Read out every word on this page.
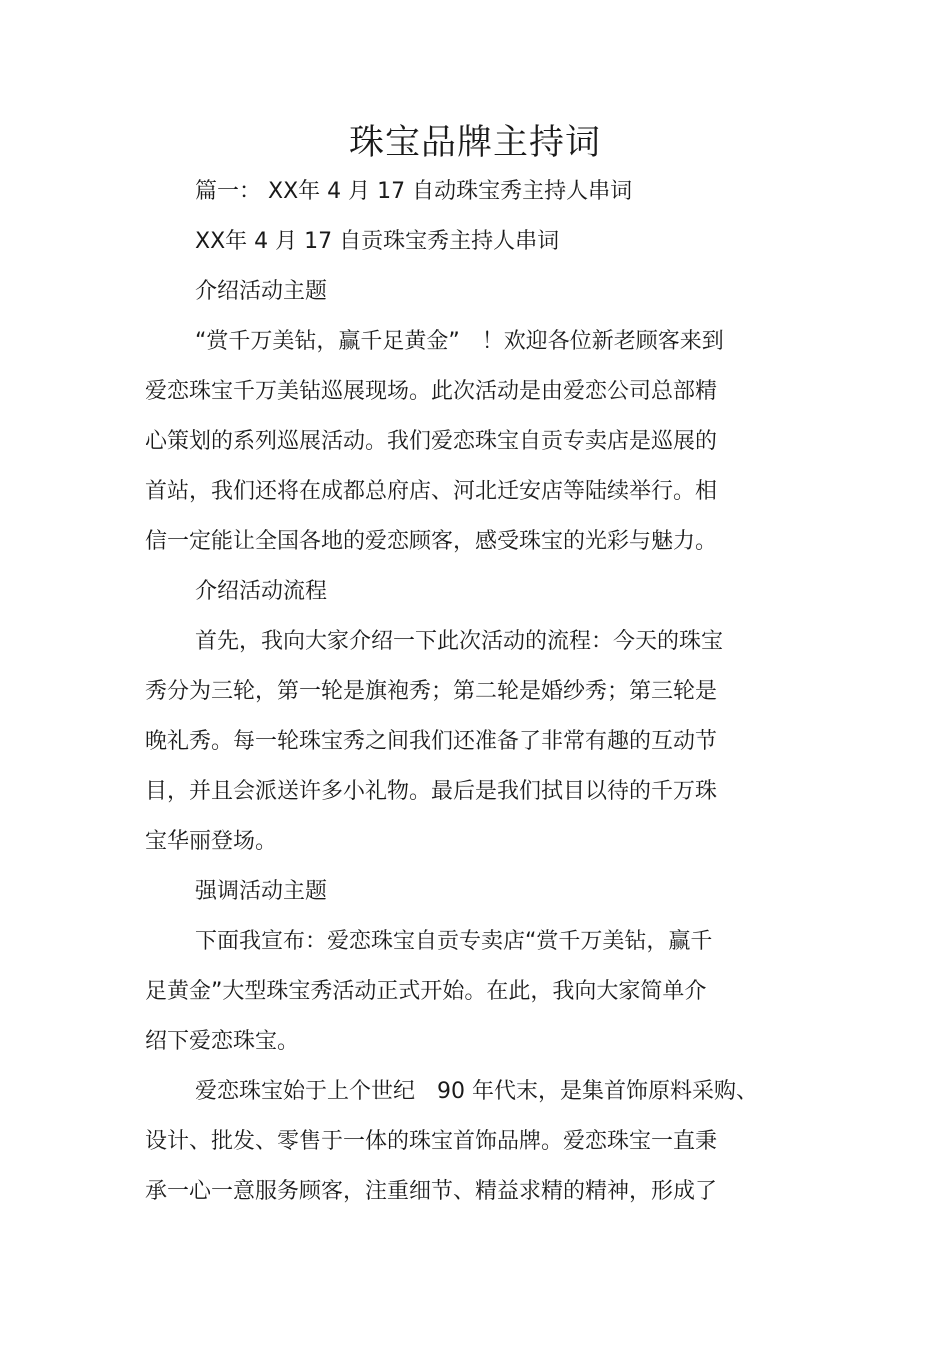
珠宝品牌主持词

篇一： XX年 4 月 17 自动珠宝秀主持人串词

XX年 4 月 17 自贡珠宝秀主持人串词

介绍活动主题

“赏千万美钻，赢千足黄金”　！欢迎各位新老顾客来到

爱恋珠宝千万美钻巡展现场。此次活动是由爱恋公司总部精

心策划的系列巡展活动。我们爱恋珠宝自贡专卖店是巡展的

首站，我们还将在成都总府店、河北迁安店等陆续举行。相

信一定能让全国各地的爱恋顾客，感受珠宝的光彩与魅力。

介绍活动流程

首先，我向大家介绍一下此次活动的流程：今天的珠宝

秀分为三轮，第一轮是旗袍秀；第二轮是婚纱秀；第三轮是

晚礼秀。每一轮珠宝秀之间我们还准备了非常有趣的互动节

目，并且会派送许多小礼物。最后是我们拭目以待的千万珠

宝华丽登场。

强调活动主题

下面我宣布：爱恋珠宝自贡专卖店“赏千万美钻，赢千

足黄金”大型珠宝秀活动正式开始。在此，我向大家简单介

绍下爱恋珠宝。

爱恋珠宝始于上个世纪　90 年代末，是集首饰原料采购、

设计、批发、零售于一体的珠宝首饰品牌。爱恋珠宝一直秉

承一心一意服务顾客，注重细节、精益求精的精神，形成了
